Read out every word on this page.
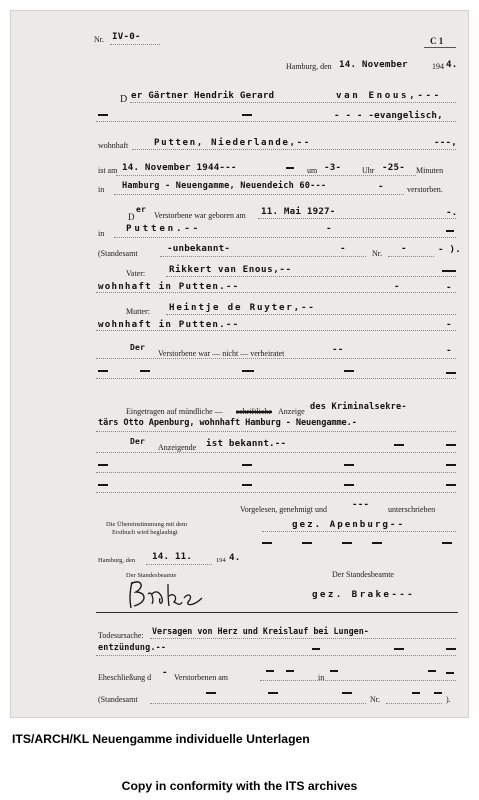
Nr. IV-0-	C 1
Hamburg, den 14. November	194 4.
D er Gärtner Hendrik Gerard	van Enous,---
- - - -evangelisch,
wohnhaft	Putten, Niederlande,--	---,
ist am 14. November 1944---	um -3-	Uhr -25- Minuten
in Hamburg - Neuengamme, Neuendeich 60---	-	verstorben.
D
er
Verstorbene war geboren am 11. Mai 1927-	-.
in Putten.--	-
(Standesamt	-unbekannt-	-	Nr. -	- ).
Vater:	Rikkert van Enous,--
wohnhaft in Putten.--	-	-
Mutter: Heintje de Ruyter,--
wohnhaft in Putten.--	-
Der
Verstorbene war — nicht — verheiratet	--	-
Eingetragen auf mündliche — schriftliche Anzeige des Kriminalsekre-
tärs Otto Apenburg, wohnhaft Hamburg - Neuengamme.-
Der
Anzeigende ist bekannt.--
Vorgelesen, genehmigt und	--- unterschrieben
Die Übereinstimmung mit dem
Erstbuch wird beglaubigt
gez. Apenburg--
Hamburg, den 14. 11.	194 4.
Der Standesbeamte	Der Standesbeamte
gez. Brake---
Todesursache: Versagen von Herz und Kreislauf bei Lungen-
entzündung.--
Eheschließung d - Verstorbenen am	in
(Standesamt	Nr.	).
ITS/ARCH/KL Neuengamme individuelle Unterlagen
Copy in conformity with the ITS archives
